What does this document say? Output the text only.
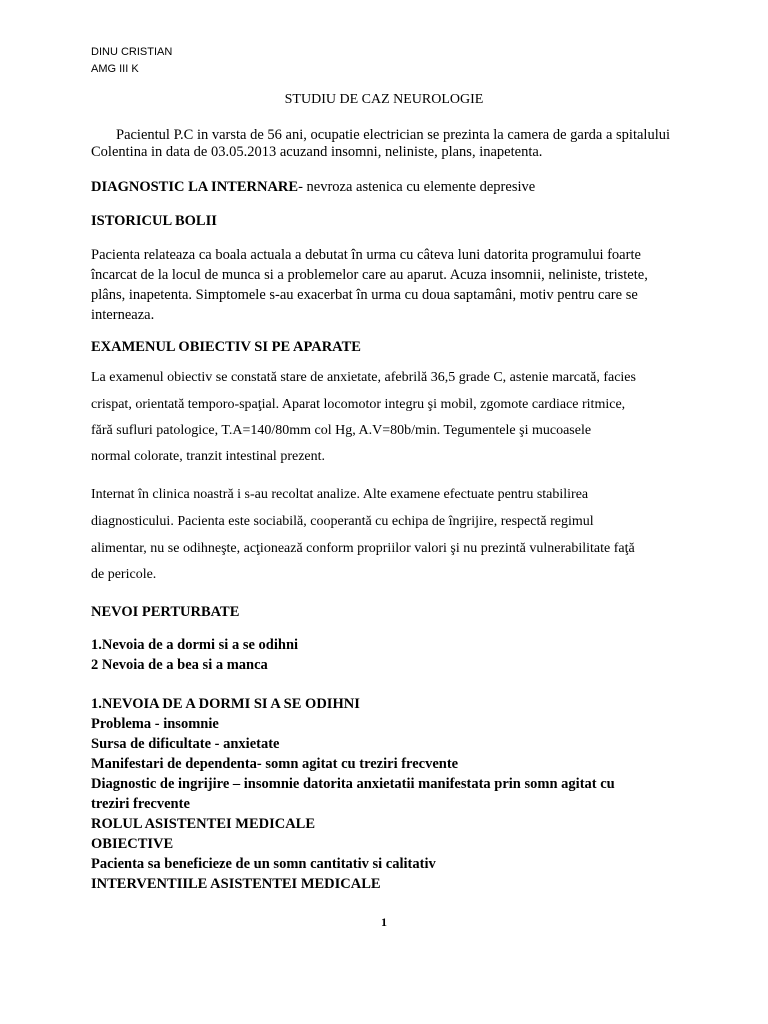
DINU CRISTIAN
AMG III K
STUDIU DE CAZ NEUROLOGIE
Pacientul P.C in varsta de 56 ani, ocupatie electrician se prezinta la camera de garda a spitalului
Colentina in data de 03.05.2013 acuzand insomni, neliniste, plans, inapetenta.
DIAGNOSTIC LA INTERNARE- nevroza astenica cu elemente depresive
ISTORICUL BOLII
Pacienta relateaza ca boala actuala a debutat în urma cu câteva luni datorita programului foarte
încarcat de la locul de munca si a problemelor care au aparut. Acuza insomnii, neliniste, tristete,
plâns, inapetenta. Simptomele s-au exacerbat în urma cu doua saptamâni, motiv pentru care se
interneaza.
EXAMENUL OBIECTIV SI PE APARATE
La examenul obiectiv se constată stare de anxietate, afebrilă 36,5 grade C, astenie marcată, facies
crispat, orientată temporo-spaţial. Aparat locomotor integru şi mobil, zgomote cardiace ritmice,
fără sufluri patologice, T.A=140/80mm col Hg, A.V=80b/min. Tegumentele şi mucoasele
normal colorate, tranzit intestinal prezent.
Internat în clinica noastră i s-au recoltat analize. Alte examene efectuate pentru stabilirea
diagnosticului. Pacienta este sociabilă, cooperantă cu echipa de îngrijire, respectă regimul
alimentar, nu se odihneşte, acţionează conform propriilor valori şi nu prezintă vulnerabilitate faţă
de pericole.
NEVOI PERTURBATE
1.Nevoia de a dormi si a se odihni
2 Nevoia de a bea si a manca
1.NEVOIA DE A DORMI SI A SE ODIHNI
Problema - insomnie
Sursa de dificultate - anxietate
Manifestari de dependenta- somn agitat cu treziri frecvente
Diagnostic de ingrijire – insomnie datorita anxietatii manifestata prin somn agitat cu
treziri frecvente
ROLUL ASISTENTEI MEDICALE
OBIECTIVE
Pacienta sa beneficieze de un somn cantitativ si calitativ
INTERVENTIILE ASISTENTEI MEDICALE
1
